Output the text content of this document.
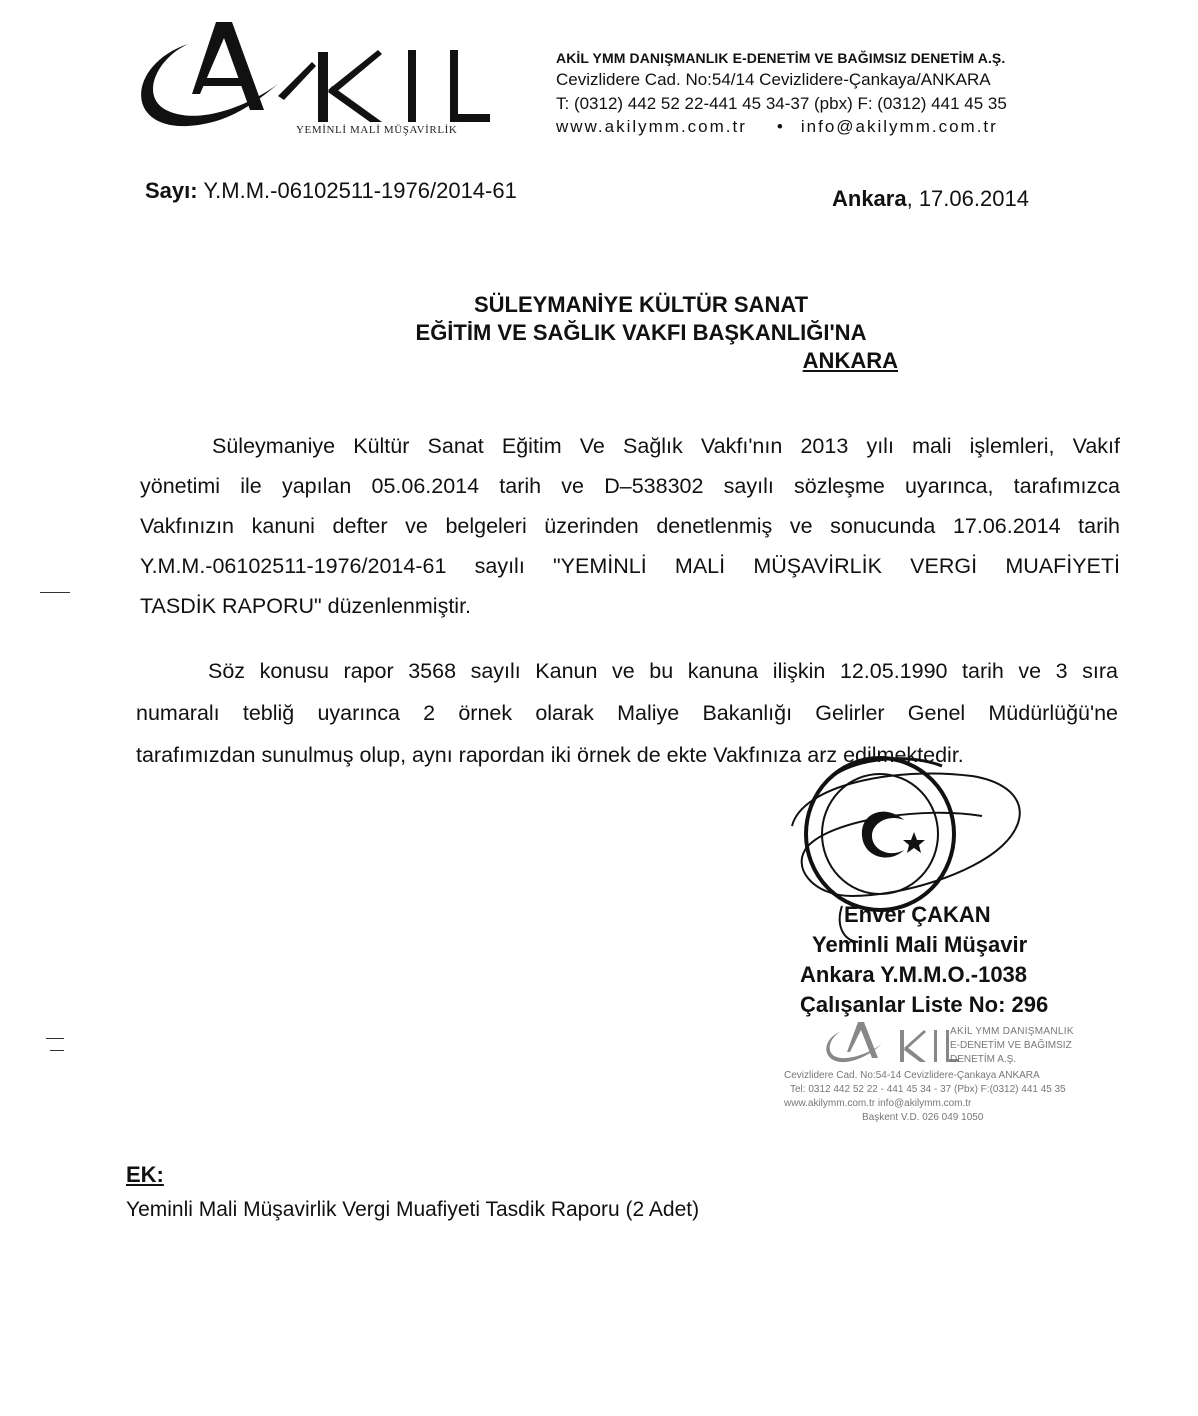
YEMİNLİ MALİ MÜŞAVİRLİK
AKİL YMM DANIŞMANLIK E-DENETİM VE BAĞIMSIZ DENETİM A.Ş.
Cevizlidere Cad. No:54/14 Cevizlidere-Çankaya/ANKARA
T: (0312) 442 52 22-441 45 34-37 (pbx) F: (0312) 441 45 35
www.akilymm.com.tr • info@akilymm.com.tr
Sayı: Y.M.M.-06102511-1976/2014-61	Ankara, 17.06.2014
SÜLEYMANİYE KÜLTÜR SANAT
EĞİTİM VE SAĞLIK VAKFI BAŞKANLIĞI'NA
ANKARA
Süleymaniye Kültür Sanat Eğitim Ve Sağlık Vakfı'nın 2013 yılı mali işlemleri, Vakıf
yönetimi ile yapılan 05.06.2014 tarih ve D–538302 sayılı sözleşme uyarınca, tarafımızca
Vakfınızın kanuni defter ve belgeleri üzerinden denetlenmiş ve sonucunda 17.06.2014 tarih
Y.M.M.-06102511-1976/2014-61 sayılı "YEMİNLİ MALİ MÜŞAVİRLİK VERGİ MUAFİYETİ
TASDİK RAPORU" düzenlenmiştir.
Söz konusu rapor 3568 sayılı Kanun ve bu kanuna ilişkin 12.05.1990 tarih ve 3 sıra
numaralı tebliğ uyarınca 2 örnek olarak Maliye Bakanlığı Gelirler Genel Müdürlüğü'ne
tarafımızdan sunulmuş olup, aynı rapordan iki örnek de ekte Vakfınıza arz edilmektedir.
Enver ÇAKAN
Yeminli Mali Müşavir
Ankara Y.M.M.O.-1038
Çalışanlar Liste No: 296
AKİL YMM DANIŞMANLIK
E-DENETİM VE BAĞIMSIZ
DENETİM A.Ş.
Cevizlidere Cad. No:54-14 Cevizlidere-Çankaya ANKARA
Tel: 0312 442 52 22 - 441 45 34 - 37 (Pbx) F:(0312) 441 45 35
www.akilymm.com.tr info@akilymm.com.tr
Başkent V.D. 026 049 1050
EK:
Yeminli Mali Müşavirlik Vergi Muafiyeti Tasdik Raporu (2 Adet)
